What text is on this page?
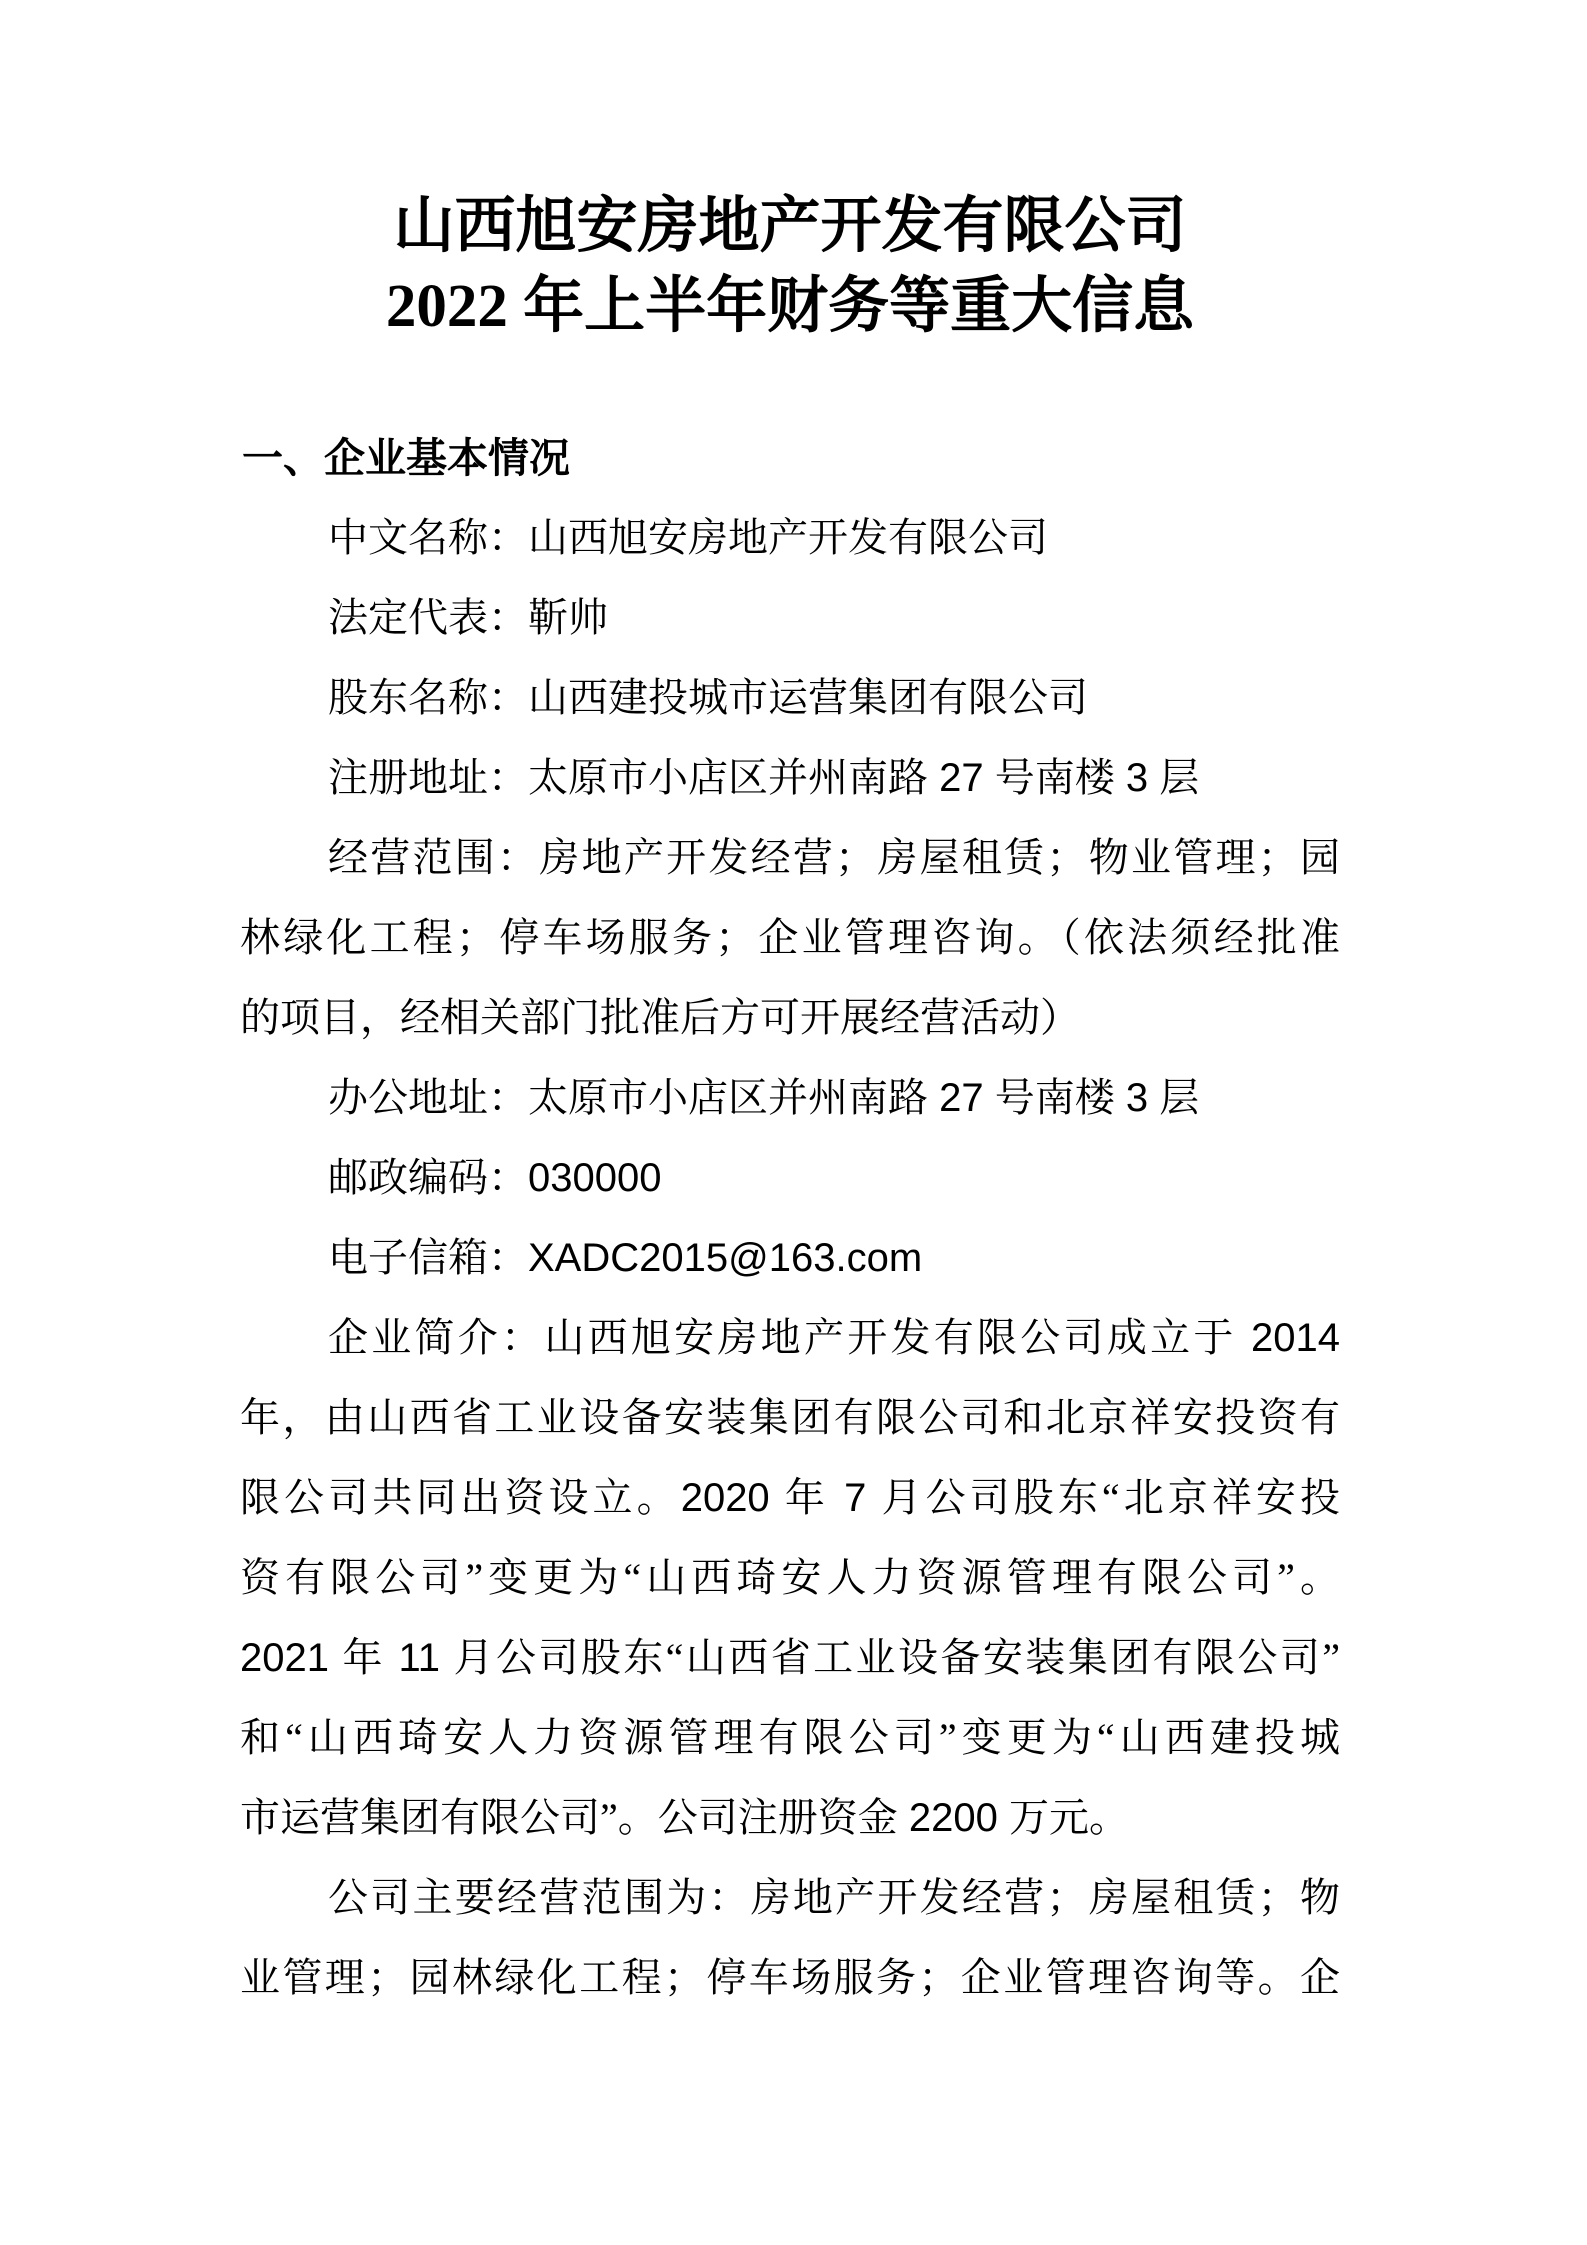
山西旭安房地产开发有限公司
2022 年上半年财务等重大信息
一、企业基本情况
中文名称：山西旭安房地产开发有限公司
法定代表：靳帅
股东名称：山西建投城市运营集团有限公司
注册地址：太原市小店区并州南路 27 号南楼 3 层
经营范围：房地产开发经营；房屋租赁；物业管理；园
林绿化工程；停车场服务；企业管理咨询。（依法须经批准
的项目，经相关部门批准后方可开展经营活动）
办公地址：太原市小店区并州南路 27 号南楼 3 层
邮政编码：030000
电子信箱：XADC2015@163.com
企业简介：山西旭安房地产开发有限公司成立于 2014
年，由山西省工业设备安装集团有限公司和北京祥安投资有
限公司共同出资设立。2020 年 7 月公司股东“北京祥安投
资有限公司”变更为“山西琦安人力资源管理有限公司”。
2021 年 11 月公司股东“山西省工业设备安装集团有限公司”
和“山西琦安人力资源管理有限公司”变更为“山西建投城
市运营集团有限公司”。公司注册资金 2200 万元。
公司主要经营范围为：房地产开发经营；房屋租赁；物
业管理；园林绿化工程；停车场服务；企业管理咨询等。企
